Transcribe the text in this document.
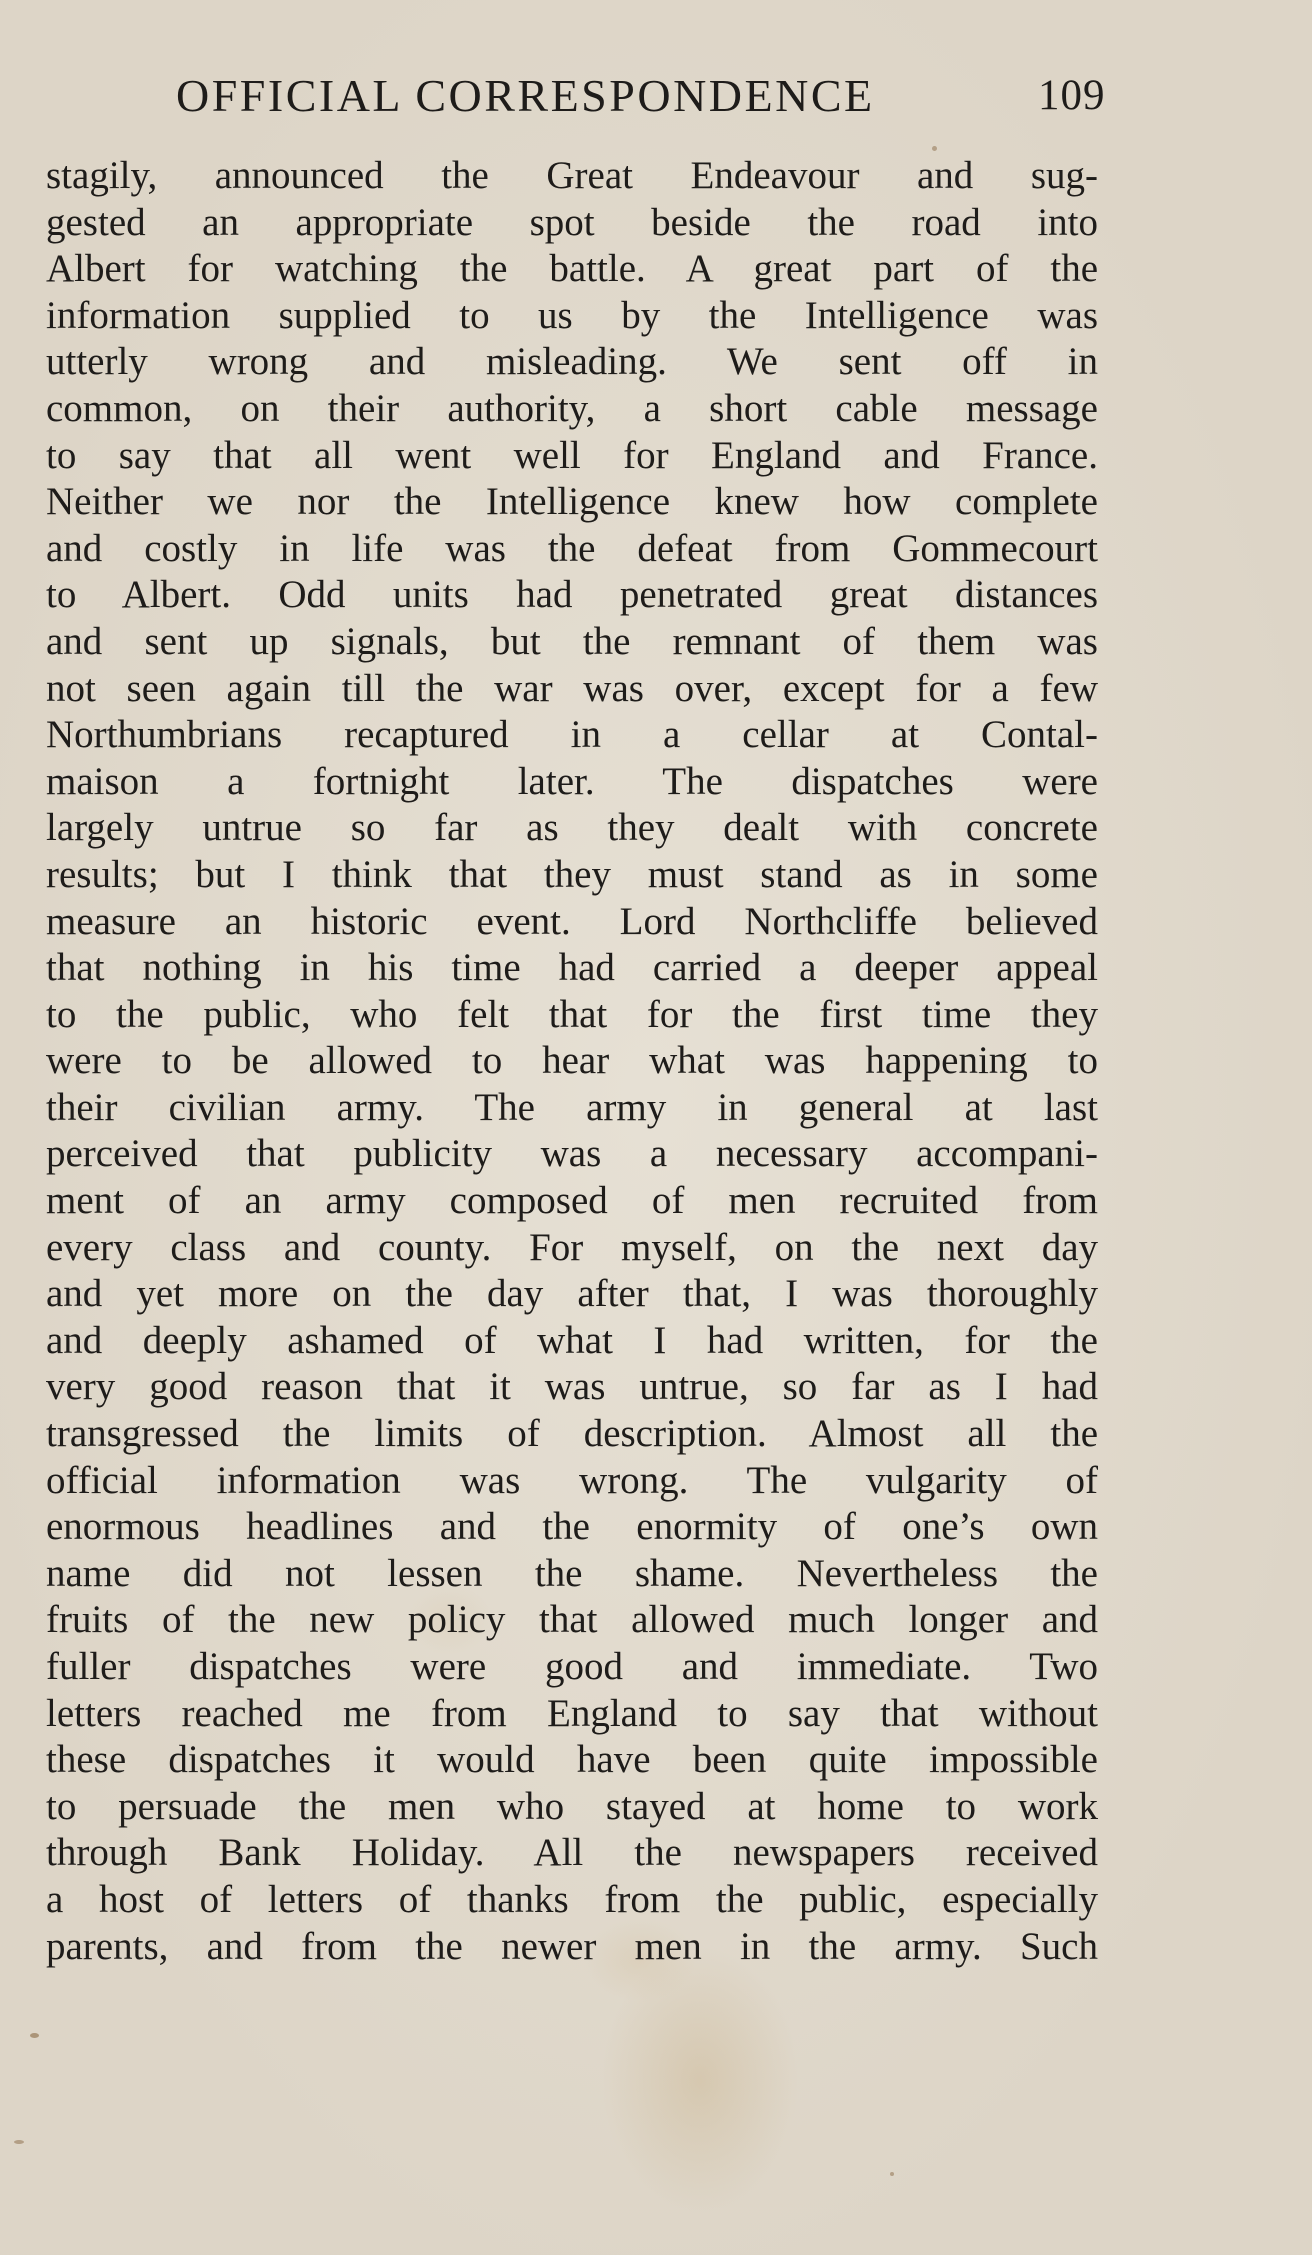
OFFICIAL CORRESPONDENCE	109
stagily, announced the Great Endeavour and sug-
gested an appropriate spot beside the road into
Albert for watching the battle. A great part of the
information supplied to us by the Intelligence was
utterly wrong and misleading. We sent off in
common, on their authority, a short cable message
to say that all went well for England and France.
Neither we nor the Intelligence knew how complete
and costly in life was the defeat from Gommecourt
to Albert. Odd units had penetrated great distances
and sent up signals, but the remnant of them was
not seen again till the war was over, except for a few
Northumbrians recaptured in a cellar at Contal-
maison a fortnight later. The dispatches were
largely untrue so far as they dealt with concrete
results; but I think that they must stand as in some
measure an historic event. Lord Northcliffe believed
that nothing in his time had carried a deeper appeal
to the public, who felt that for the first time they
were to be allowed to hear what was happening to
their civilian army. The army in general at last
perceived that publicity was a necessary accompani-
ment of an army composed of men recruited from
every class and county. For myself, on the next day
and yet more on the day after that, I was thoroughly
and deeply ashamed of what I had written, for the
very good reason that it was untrue, so far as I had
transgressed the limits of description. Almost all the
official information was wrong. The vulgarity of
enormous headlines and the enormity of one’s own
name did not lessen the shame. Nevertheless the
fruits of the new policy that allowed much longer and
fuller dispatches were good and immediate. Two
letters reached me from England to say that without
these dispatches it would have been quite impossible
to persuade the men who stayed at home to work
through Bank Holiday. All the newspapers received
a host of letters of thanks from the public, especially
parents, and from the newer men in the army. Such
